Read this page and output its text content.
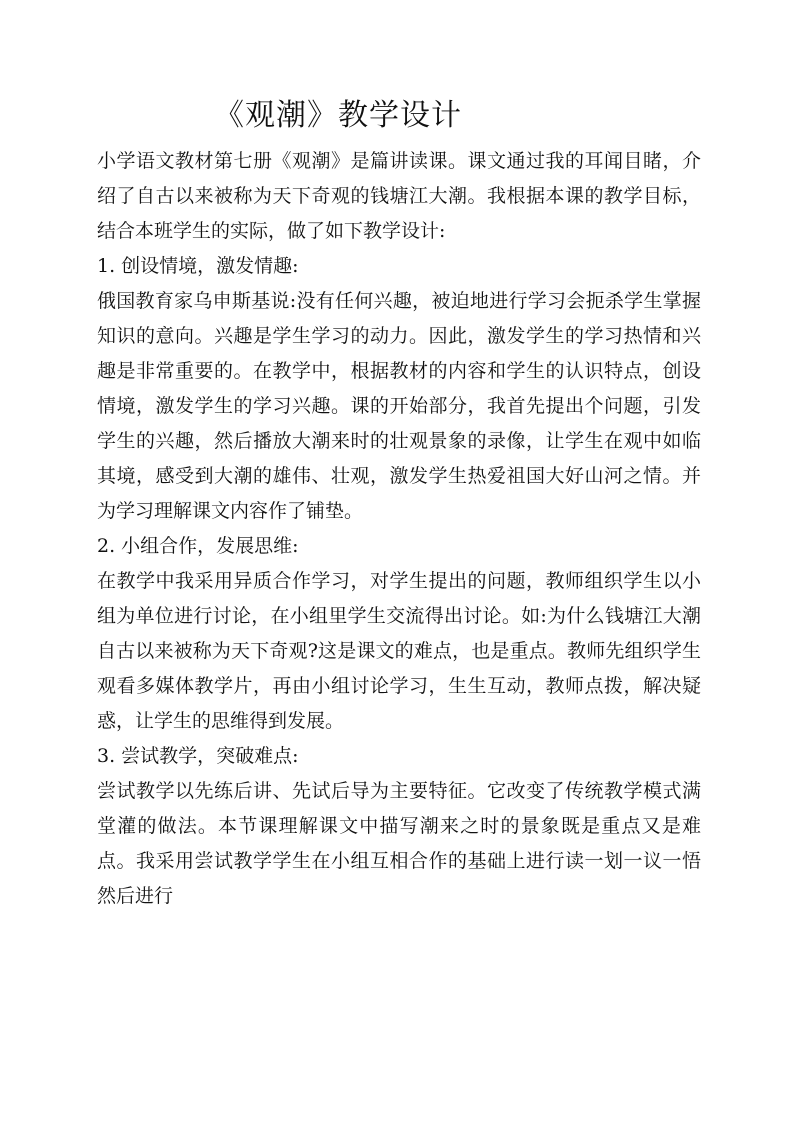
《观潮》教学设计

小学语文教材第七册《观潮》是篇讲读课。课文通过我的耳闻目睹，介绍了自古以来被称为天下奇观的钱塘江大潮。我根据本课的教学目标，结合本班学生的实际，做了如下教学设计:

1. 创设情境，激发情趣:

俄国教育家乌申斯基说:没有任何兴趣，被迫地进行学习会扼杀学生掌握知识的意向。兴趣是学生学习的动力。因此，激发学生的学习热情和兴趣是非常重要的。在教学中，根据教材的内容和学生的认识特点，创设情境，激发学生的学习兴趣。课的开始部分，我首先提出个问题，引发学生的兴趣，然后播放大潮来时的壮观景象的录像，让学生在观中如临其境，感受到大潮的雄伟、壮观，激发学生热爱祖国大好山河之情。并为学习理解课文内容作了铺垫。

2. 小组合作，发展思维:

在教学中我采用异质合作学习，对学生提出的问题，教师组织学生以小组为单位进行讨论，在小组里学生交流得出讨论。如:为什么钱塘江大潮自古以来被称为天下奇观?这是课文的难点，也是重点。教师先组织学生观看多媒体教学片，再由小组讨论学习，生生互动，教师点拨，解决疑惑，让学生的思维得到发展。

3. 尝试教学，突破难点:

尝试教学以先练后讲、先试后导为主要特征。它改变了传统教学模式满堂灌的做法。本节课理解课文中描写潮来之时的景象既是重点又是难点。我采用尝试教学学生在小组互相合作的基础上进行读一划一议一悟然后进行
